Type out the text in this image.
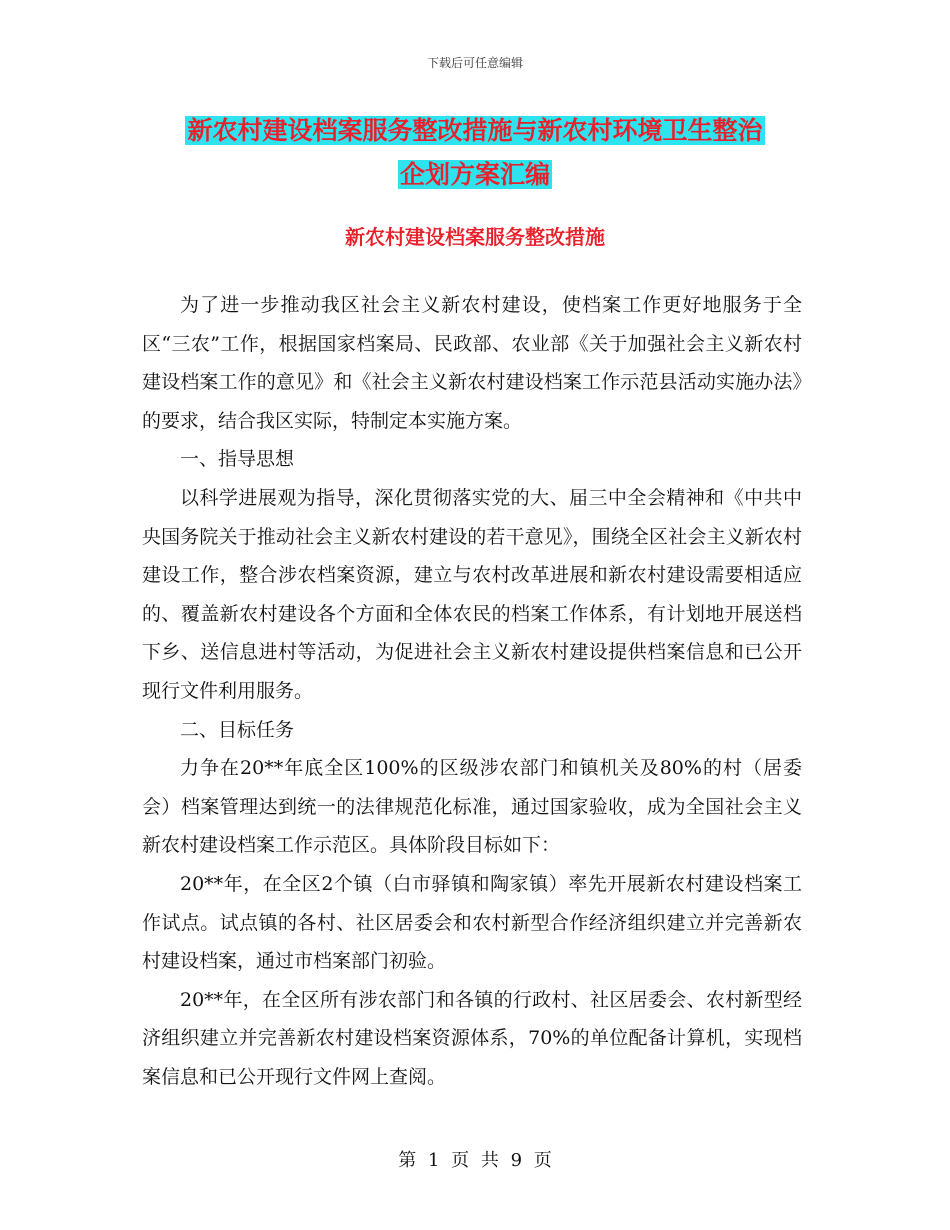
下载后可任意编辑
新农村建设档案服务整改措施与新农村环境卫生整治
企划方案汇编
新农村建设档案服务整改措施

为了进一步推动我区社会主义新农村建设，使档案工作更好地服务于全区“三农”工作，根据国家档案局、民政部、农业部《关于加强社会主义新农村建设档案工作的意见》和《社会主义新农村建设档案工作示范县活动实施办法》的要求，结合我区实际，特制定本实施方案。

一、指导思想

以科学进展观为指导，深化贯彻落实党的大、届三中全会精神和《中共中央国务院关于推动社会主义新农村建设的若干意见》，围绕全区社会主义新农村建设工作，整合涉农档案资源，建立与农村改革进展和新农村建设需要相适应的、覆盖新农村建设各个方面和全体农民的档案工作体系，有计划地开展送档下乡、送信息进村等活动，为促进社会主义新农村建设提供档案信息和已公开现行文件利用服务。

二、目标任务

力争在20**年底全区100%的区级涉农部门和镇机关及80%的村（居委会）档案管理达到统一的法律规范化标准，通过国家验收，成为全国社会主义新农村建设档案工作示范区。具体阶段目标如下：

20**年，在全区2个镇（白市驿镇和陶家镇）率先开展新农村建设档案工作试点。试点镇的各村、社区居委会和农村新型合作经济组织建立并完善新农村建设档案，通过市档案部门初验。

20**年，在全区所有涉农部门和各镇的行政村、社区居委会、农村新型经济组织建立并完善新农村建设档案资源体系，70%的单位配备计算机，实现档案信息和已公开现行文件网上查阅。

第 1 页 共 9 页
